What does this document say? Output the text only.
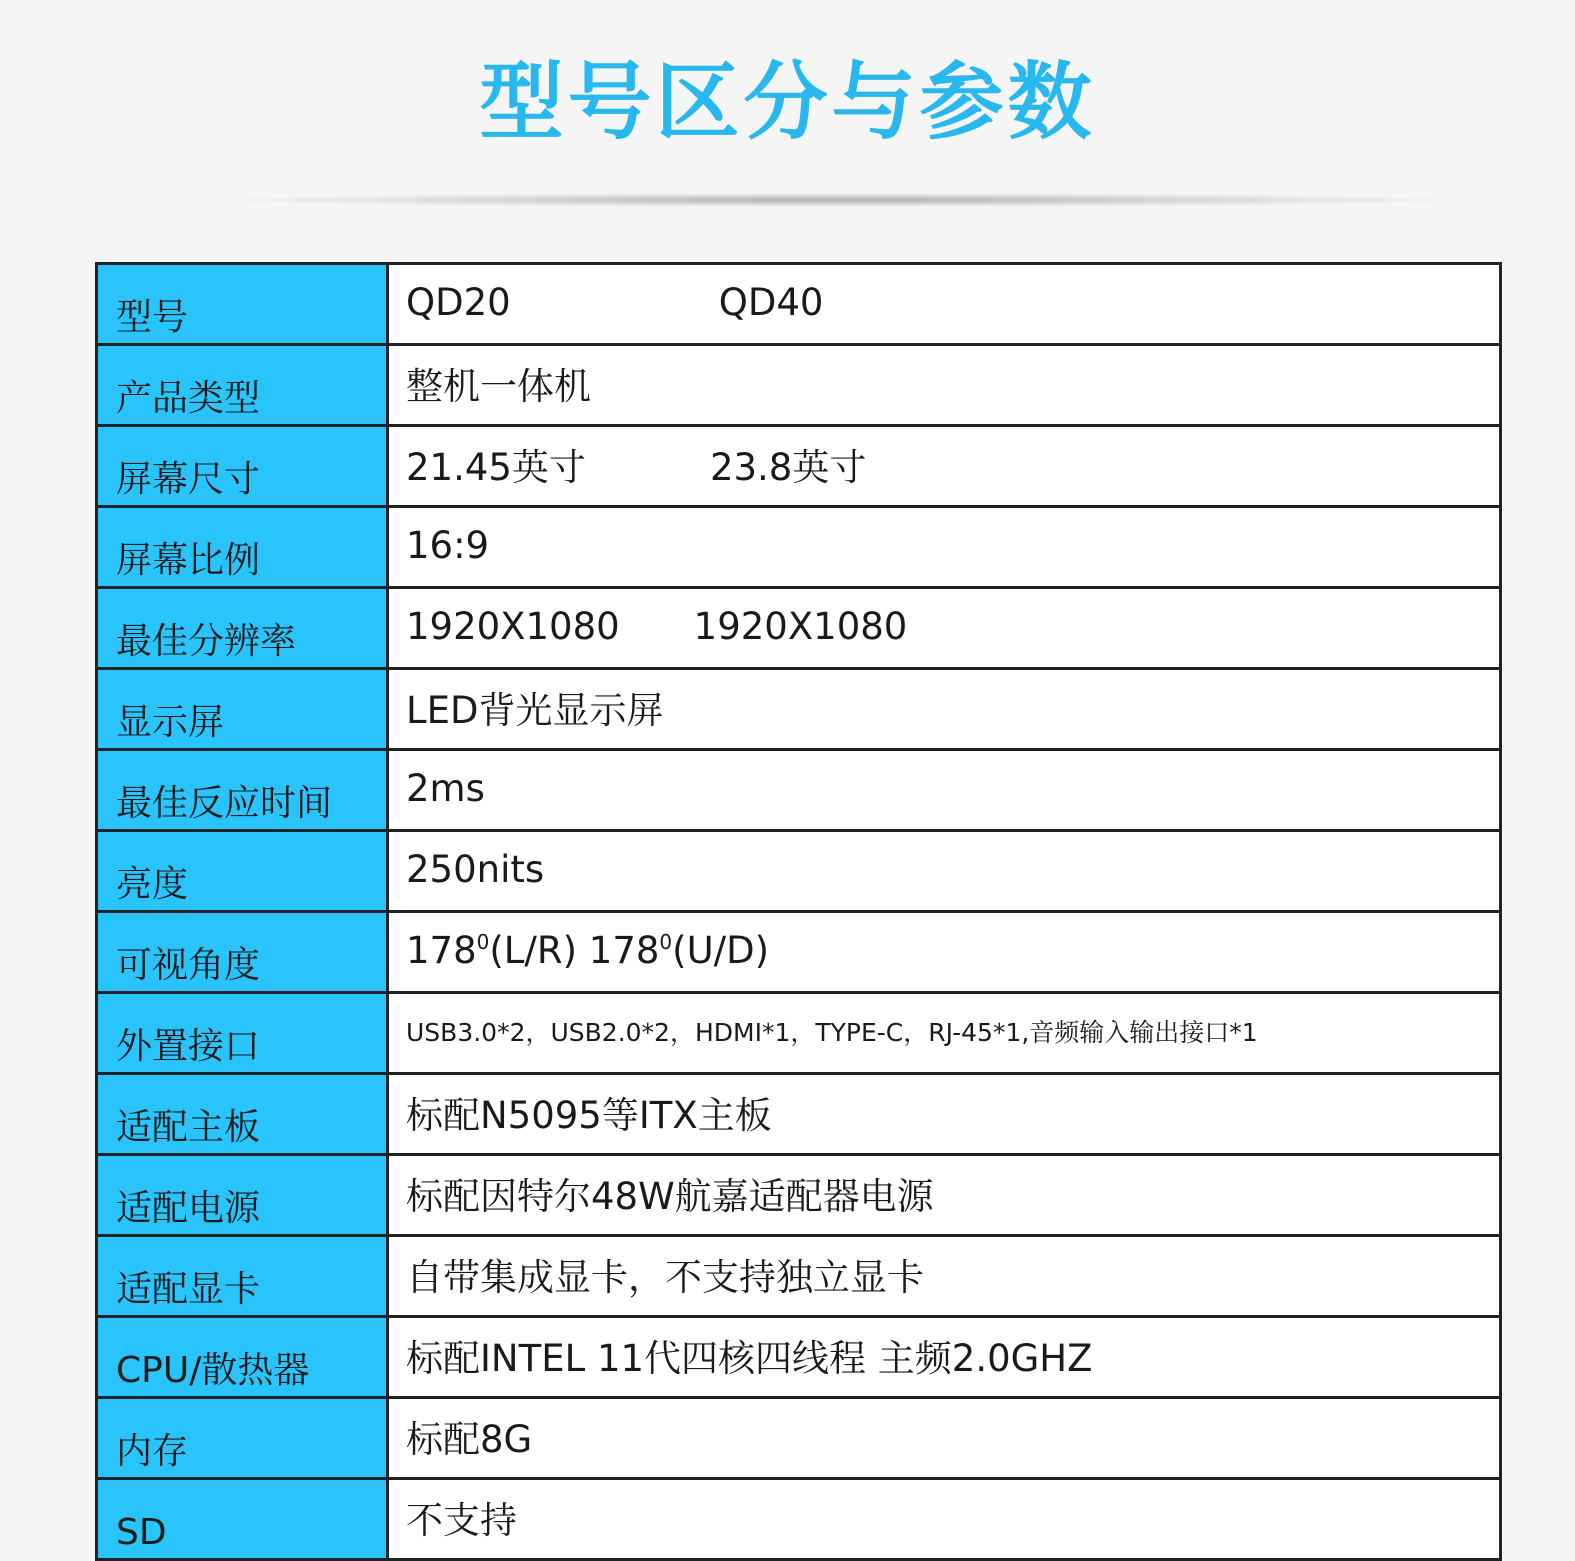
型号区分与参数
型号	QD20 QD40
产品类型	整机一体机
屏幕尺寸	21.45英寸 23.8英寸
屏幕比例	16:9
最佳分辨率	1920X1080 1920X1080
显示屏	LED背光显示屏
最佳反应时间	2ms
亮度	250nits
可视角度	$178^0(L/R)$ $178^0(U/D)$
外置接口	USB3.0*2，USB2.0*2，HDMI*1，TYPE-C，RJ-45*1,音频输入输出接口*1
适配主板	标配N5095等ITX主板
适配电源	标配因特尔48W航嘉适配器电源
适配显卡	自带集成显卡，不支持独立显卡
CPU/散热器	标配INTEL 11代四核四线程 主频2.0GHZ
内存	标配8G
SD	不支持
